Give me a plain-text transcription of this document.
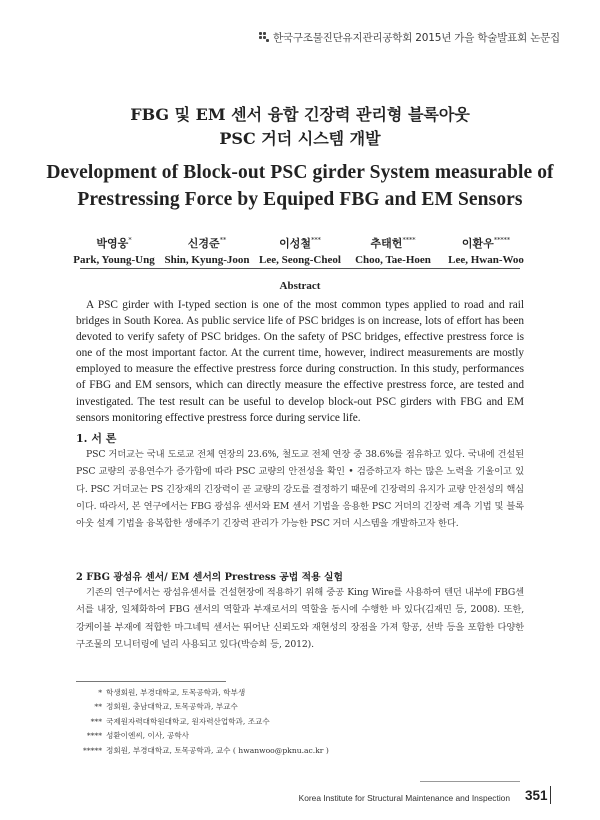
한국구조물진단유지관리공학회 2015년 가을 학술발표회 논문집
FBG 및 EM 센서 융합 긴장력 관리형 블록아웃
PSC 거더 시스템 개발
Development of Block-out PSC girder System measurable of
Prestressing Force by Equiped FBG and EM Sensors
박영웅*
Park, Young-Ung
신경준**
Shin, Kyung-Joon
이성철***
Lee, Seong-Cheol
추태헌****
Choo, Tae-Hoen
이환우*****
Lee, Hwan-Woo
Abstract

A PSC girder with I-typed section is one of the most common types applied to road and rail bridges in South Korea. As public service life of PSC bridges is on increase, lots of effort has been devoted to verify safety of PSC bridges. On the safety of PSC bridges, effective prestress force is one of the most important factor. At the current time, however, indirect measurements are mostly employed to measure the effective prestress force during construction. In this study, performances of FBG and EM sensors, which can directly measure the effective prestress force, are tested and investigated. The test result can be useful to develop block-out PSC girders with FBG and EM sensors monitoring effective prestress force during service life.

1. 서 론

PSC 거더교는 국내 도로교 전체 연장의 23.6%, 철도교 전체 연장 중 38.6%를 점유하고 있다. 국내에 건설된 PSC 교량의 공용연수가 증가함에 따라 PSC 교량의 안전성을 확인 • 검증하고자 하는 많은 노력을 기울이고 있다. PSC 거더교는 PS 긴장재의 긴장력이 곧 교량의 강도를 결정하기 때문에 긴장력의 유지가 교량 안전성의 핵심이다. 따라서, 본 연구에서는 FBG 광섬유 센서와 EM 센서 기법을 응용한 PSC 거더의 긴장력 계측 기법 및 블록아웃 설계 기법을 융복합한 생애주기 긴장력 관리가 가능한 PSC 거더 시스템을 개발하고자 한다.

2 FBG 광섬유 센서/ EM 센서의 Prestress 공법 적용 실험

기존의 연구에서는 광섬유센서를 건설현장에 적용하기 위해 중공 King Wire를 사용하여 텐던 내부에 FBG센서를 내장, 일체화하여 FBG 센서의 역할과 부재로서의 역할을 동시에 수행한 바 있다(김재민 등, 2008). 또한, 강케이블 부재에 적합한 마그네틱 센서는 뛰어난 신뢰도와 재현성의 장점을 가져 항공, 선박 등을 포함한 다양한 구조물의 모니터링에 널리 사용되고 있다(박승희 등, 2012).

* 학생회원, 부경대학교, 토목공학과, 학부생
** 정회원, 충남대학교, 토목공학과, 부교수
*** 국제원자력대학원대학교, 원자력산업학과, 조교수
**** 성환이엔씨, 이사, 공학사
***** 정회원, 부경대학교, 토목공학과, 교수 ( hwanwoo@pknu.ac.kr )
Korea Institute for Structural Maintenance and Inspection 351
